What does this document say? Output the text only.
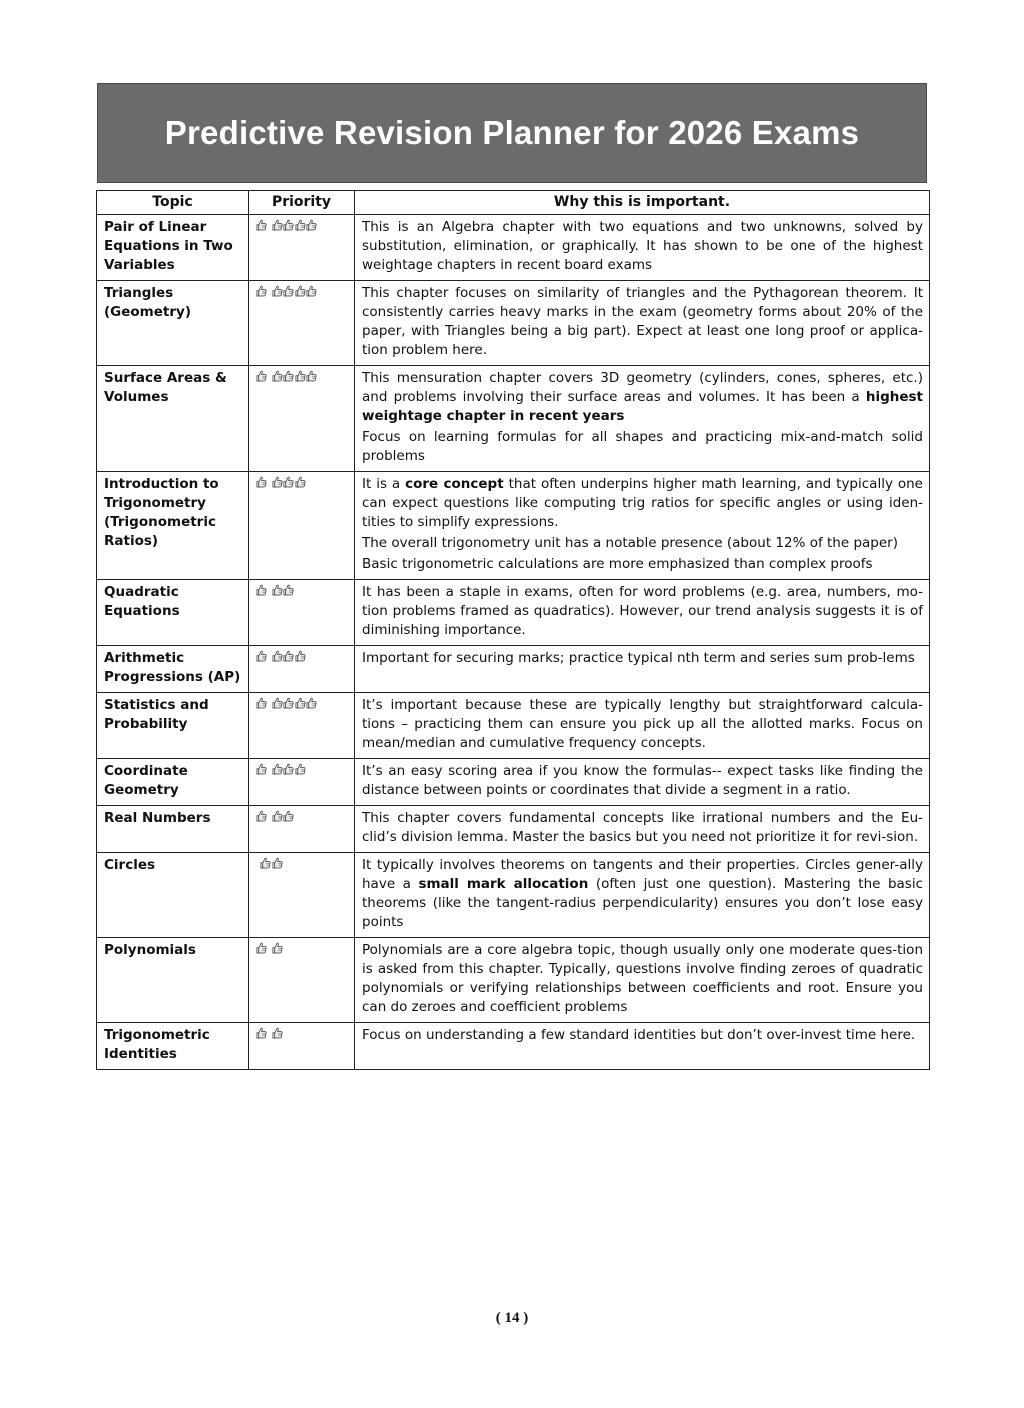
Predictive Revision Planner for 2026 Exams
Topic	Priority	Why this is important.
Pair of Linear Equations in Two Variables		This is an Algebra chapter with two equations and two unknowns, solved by substitution, elimination, or graphically. It has shown to be one of the highest weightage chapters in recent board exams

Triangles (Geometry)		This chapter focuses on similarity of triangles and the Pythagorean theorem. It consistently carries heavy marks in the exam (geometry forms about 20% of the paper, with Triangles being a big part). Expect at least one long proof or applica-tion problem here.

Surface Areas & Volumes		This mensuration chapter covers 3D geometry (cylinders, cones, spheres, etc.) and problems involving their surface areas and volumes. It has been a highest weightage chapter in recent years

Focus on learning formulas for all shapes and practicing mix-and-match solid problems

Introduction to Trigonometry (Trigonometric Ratios)		It is a core concept that often underpins higher math learning, and typically one can expect questions like computing trig ratios for specific angles or using iden-tities to simplify expressions.

The overall trigonometry unit has a notable presence (about 12% of the paper)

Basic trigonometric calculations are more emphasized than complex proofs

Quadratic Equations		It has been a staple in exams, often for word problems (e.g. area, numbers, mo-tion problems framed as quadratics). However, our trend analysis suggests it is of diminishing importance.

Arithmetic Progressions (AP)		Important for securing marks; practice typical nth term and series sum prob-lems

Statistics and Probability		It’s important because these are typically lengthy but straightforward calcula-tions – practicing them can ensure you pick up all the allotted marks. Focus on mean/median and cumulative frequency concepts.

Coordinate Geometry		It’s an easy scoring area if you know the formulas-- expect tasks like finding the distance between points or coordinates that divide a segment in a ratio.

Real Numbers		This chapter covers fundamental concepts like irrational numbers and the Eu-clid’s division lemma. Master the basics but you need not prioritize it for revi-sion.

Circles		It typically involves theorems on tangents and their properties. Circles gener-ally have a small mark allocation (often just one question). Mastering the basic theorems (like the tangent-radius perpendicularity) ensures you don’t lose easy points

Polynomials		Polynomials are a core algebra topic, though usually only one moderate ques-tion is asked from this chapter. Typically, questions involve finding zeroes of quadratic polynomials or verifying relationships between coefficients and root. Ensure you can do zeroes and coefficient problems

Trigonometric Identities		Focus on understanding a few standard identities but don’t over-invest time here.

( 14 )
